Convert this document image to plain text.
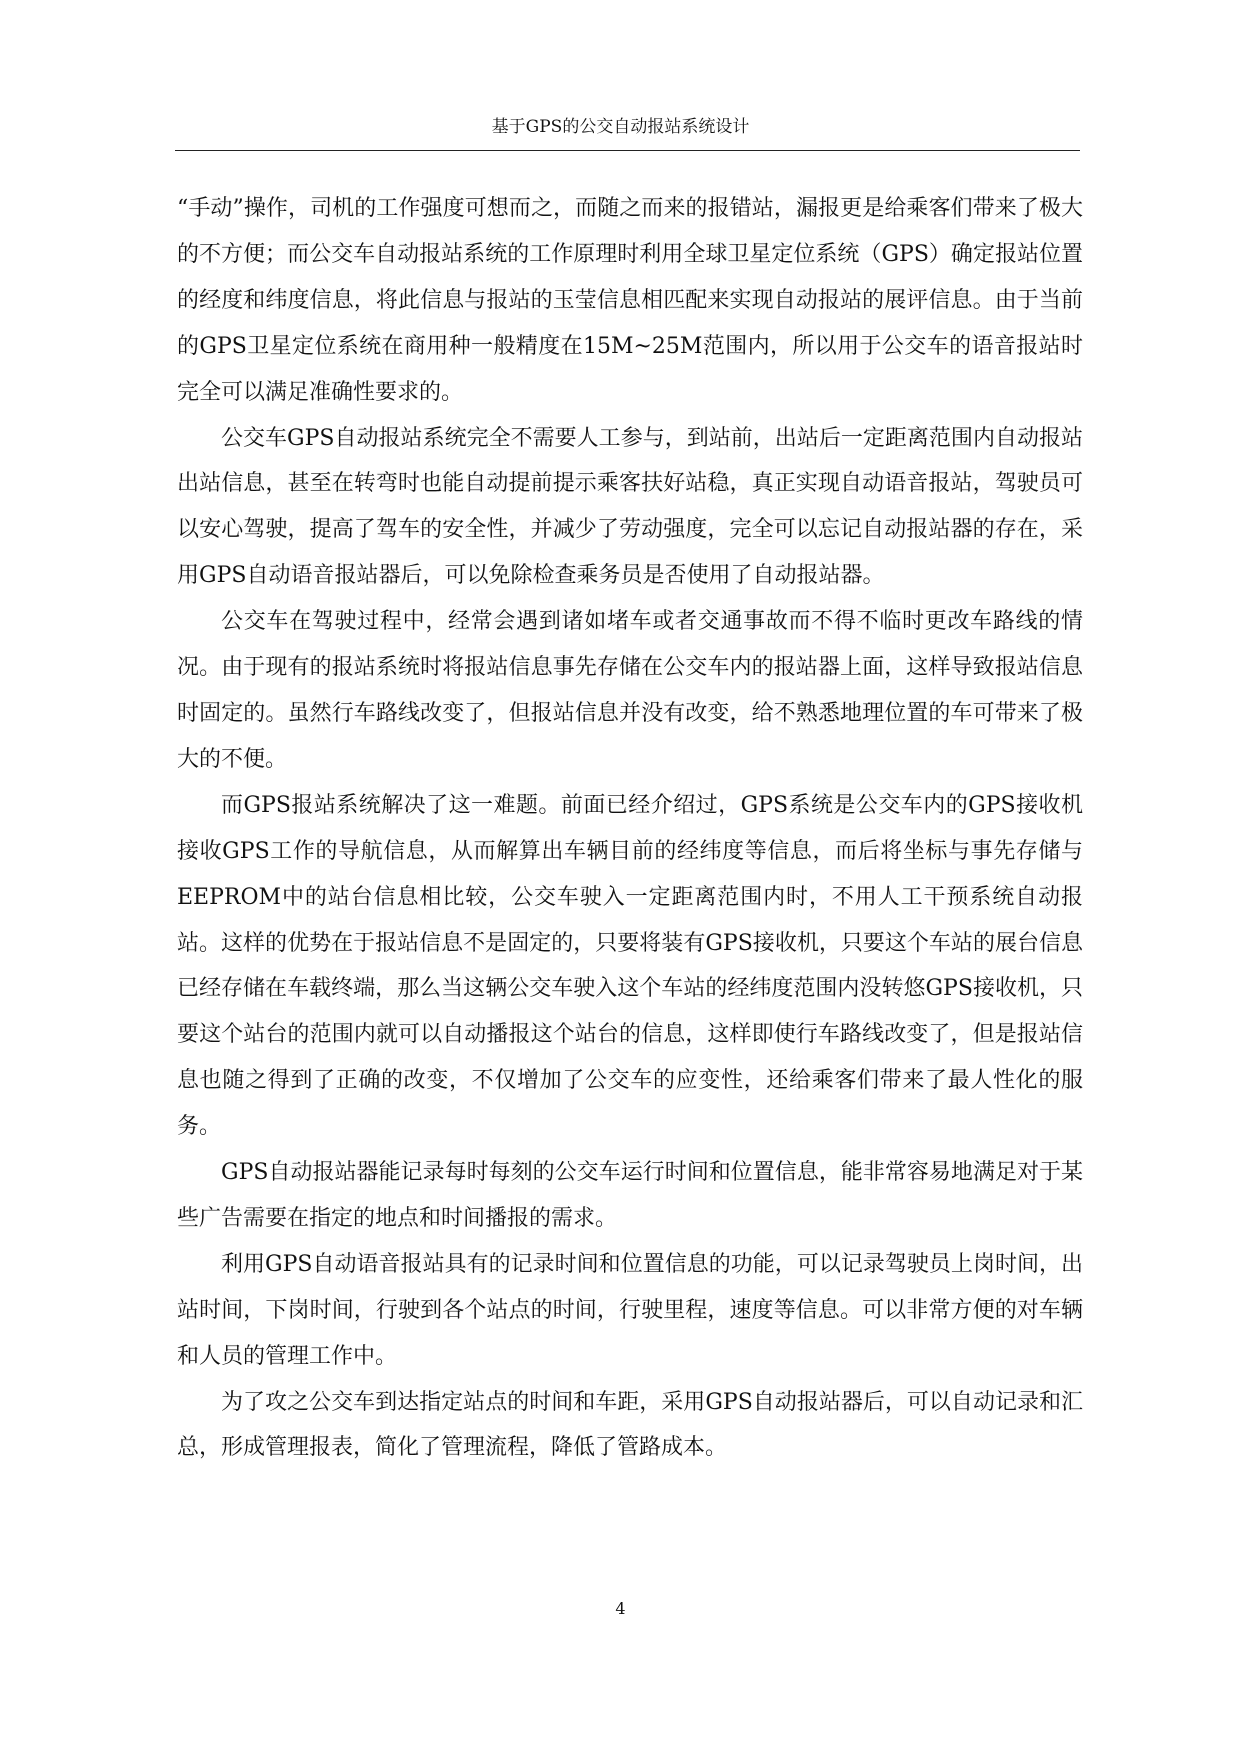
基于GPS的公交自动报站系统设计

“手动”操作，司机的工作强度可想而之，而随之而来的报错站，漏报更是给乘客们带来了极大的不方便；而公交车自动报站系统的工作原理时利用全球卫星定位系统（GPS）确定报站位置的经度和纬度信息，将此信息与报站的玉莹信息相匹配来实现自动报站的展评信息。由于当前的GPS卫星定位系统在商用种一般精度在15M~25M范围内，所以用于公交车的语音报站时完全可以满足准确性要求的。

公交车GPS自动报站系统完全不需要人工参与，到站前，出站后一定距离范围内自动报站出站信息，甚至在转弯时也能自动提前提示乘客扶好站稳，真正实现自动语音报站，驾驶员可以安心驾驶，提高了驾车的安全性，并减少了劳动强度，完全可以忘记自动报站器的存在，采用GPS自动语音报站器后，可以免除检查乘务员是否使用了自动报站器。

公交车在驾驶过程中，经常会遇到诸如堵车或者交通事故而不得不临时更改车路线的情况。由于现有的报站系统时将报站信息事先存储在公交车内的报站器上面，这样导致报站信息时固定的。虽然行车路线改变了，但报站信息并没有改变，给不熟悉地理位置的车可带来了极大的不便。

而GPS报站系统解决了这一难题。前面已经介绍过，GPS系统是公交车内的GPS接收机接收GPS工作的导航信息，从而解算出车辆目前的经纬度等信息，而后将坐标与事先存储与EEPROM中的站台信息相比较，公交车驶入一定距离范围内时，不用人工干预系统自动报站。这样的优势在于报站信息不是固定的，只要将装有GPS接收机，只要这个车站的展台信息已经存储在车载终端，那么当这辆公交车驶入这个车站的经纬度范围内没转悠GPS接收机，只要这个站台的范围内就可以自动播报这个站台的信息，这样即使行车路线改变了，但是报站信息也随之得到了正确的改变，不仅增加了公交车的应变性，还给乘客们带来了最人性化的服务。

GPS自动报站器能记录每时每刻的公交车运行时间和位置信息，能非常容易地满足对于某些广告需要在指定的地点和时间播报的需求。

利用GPS自动语音报站具有的记录时间和位置信息的功能，可以记录驾驶员上岗时间，出站时间，下岗时间，行驶到各个站点的时间，行驶里程，速度等信息。可以非常方便的对车辆和人员的管理工作中。

为了攻之公交车到达指定站点的时间和车距，采用GPS自动报站器后，可以自动记录和汇总，形成管理报表，简化了管理流程，降低了管路成本。

4
